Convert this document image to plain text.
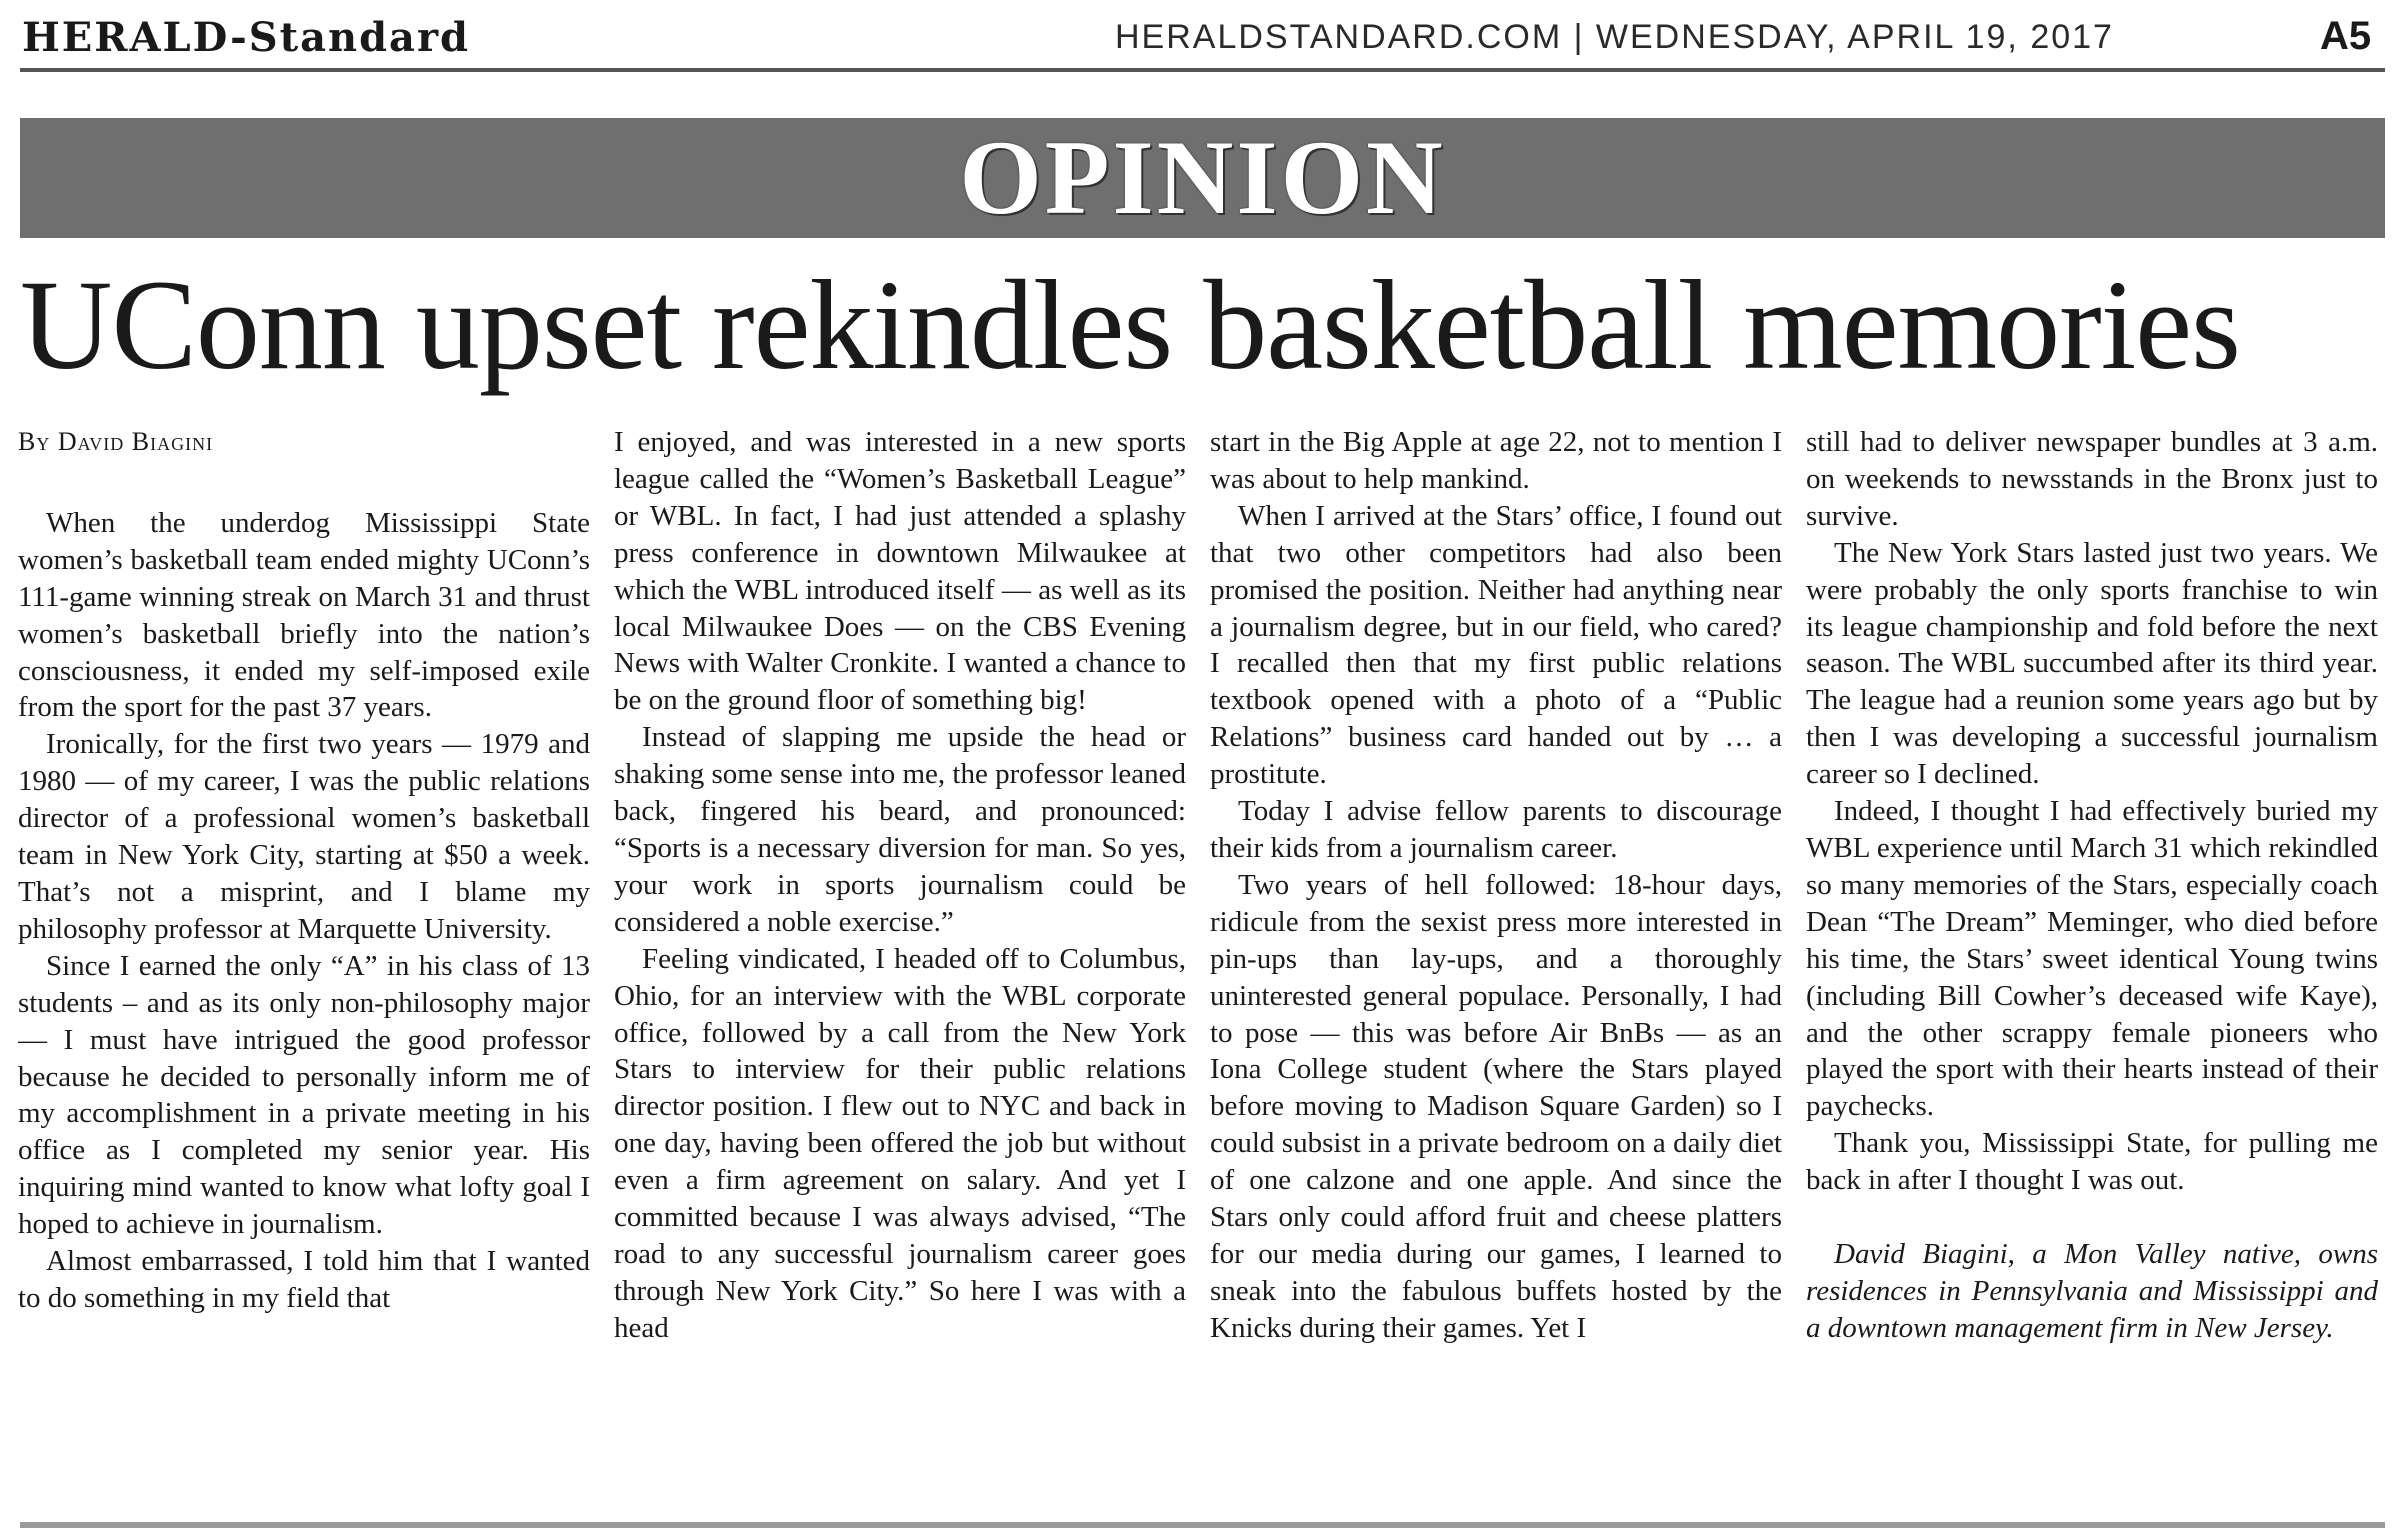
HERALD-Standard	HERALDSTANDARD.COM | WEDNESDAY, APRIL 19, 2017	A5
OPINION
UConn upset rekindles basketball memories

By David Biagini

When the underdog Mississippi State women’s basketball team ended mighty UConn’s 111-game winning streak on March 31 and thrust women’s basketball briefly into the nation’s consciousness, it ended my self-imposed exile from the sport for the past 37 years.

Ironically, for the first two years — 1979 and 1980 — of my career, I was the public relations director of a professional women’s basketball team in New York City, starting at $50 a week. That’s not a misprint, and I blame my philosophy professor at Marquette University.

Since I earned the only “A” in his class of 13 students – and as its only non-philosophy major — I must have intrigued the good professor because he decided to personally inform me of my accomplishment in a private meeting in his office as I completed my senior year. His inquiring mind wanted to know what lofty goal I hoped to achieve in journalism.

Almost embarrassed, I told him that I wanted to do something in my field that

I enjoyed, and was interested in a new sports league called the “Women’s Basketball League” or WBL. In fact, I had just attended a splashy press conference in downtown Milwaukee at which the WBL introduced itself — as well as its local Milwaukee Does — on the CBS Evening News with Walter Cronkite. I wanted a chance to be on the ground floor of something big!

Instead of slapping me upside the head or shaking some sense into me, the professor leaned back, fingered his beard, and pronounced: “Sports is a necessary diversion for man. So yes, your work in sports journalism could be considered a noble exercise.”

Feeling vindicated, I headed off to Columbus, Ohio, for an interview with the WBL corporate office, followed by a call from the New York Stars to interview for their public relations director position. I flew out to NYC and back in one day, having been offered the job but without even a firm agreement on salary. And yet I committed because I was always advised, “The road to any successful journalism career goes through New York City.” So here I was with a head

start in the Big Apple at age 22, not to mention I was about to help mankind.

When I arrived at the Stars’ office, I found out that two other competitors had also been promised the position. Neither had anything near a journalism degree, but in our field, who cared? I recalled then that my first public relations textbook opened with a photo of a “Public Relations” business card handed out by … a prostitute.

Today I advise fellow parents to discourage their kids from a journalism career.

Two years of hell followed: 18-hour days, ridicule from the sexist press more interested in pin-ups than lay-ups, and a thoroughly uninterested general populace. Personally, I had to pose — this was before Air BnBs — as an Iona College student (where the Stars played before moving to Madison Square Garden) so I could subsist in a private bedroom on a daily diet of one calzone and one apple. And since the Stars only could afford fruit and cheese platters for our media during our games, I learned to sneak into the fabulous buffets hosted by the Knicks during their games. Yet I

still had to deliver newspaper bundles at 3 a.m. on weekends to newsstands in the Bronx just to survive.

The New York Stars lasted just two years. We were probably the only sports franchise to win its league championship and fold before the next season. The WBL succumbed after its third year. The league had a reunion some years ago but by then I was developing a successful journalism career so I declined.

Indeed, I thought I had effectively buried my WBL experience until March 31 which rekindled so many memories of the Stars, especially coach Dean “The Dream” Meminger, who died before his time, the Stars’ sweet identical Young twins (including Bill Cowher’s deceased wife Kaye), and the other scrappy female pioneers who played the sport with their hearts instead of their paychecks.

Thank you, Mississippi State, for pulling me back in after I thought I was out.

David Biagini, a Mon Valley native, owns residences in Pennsylvania and Mississippi and a downtown management firm in New Jersey.
